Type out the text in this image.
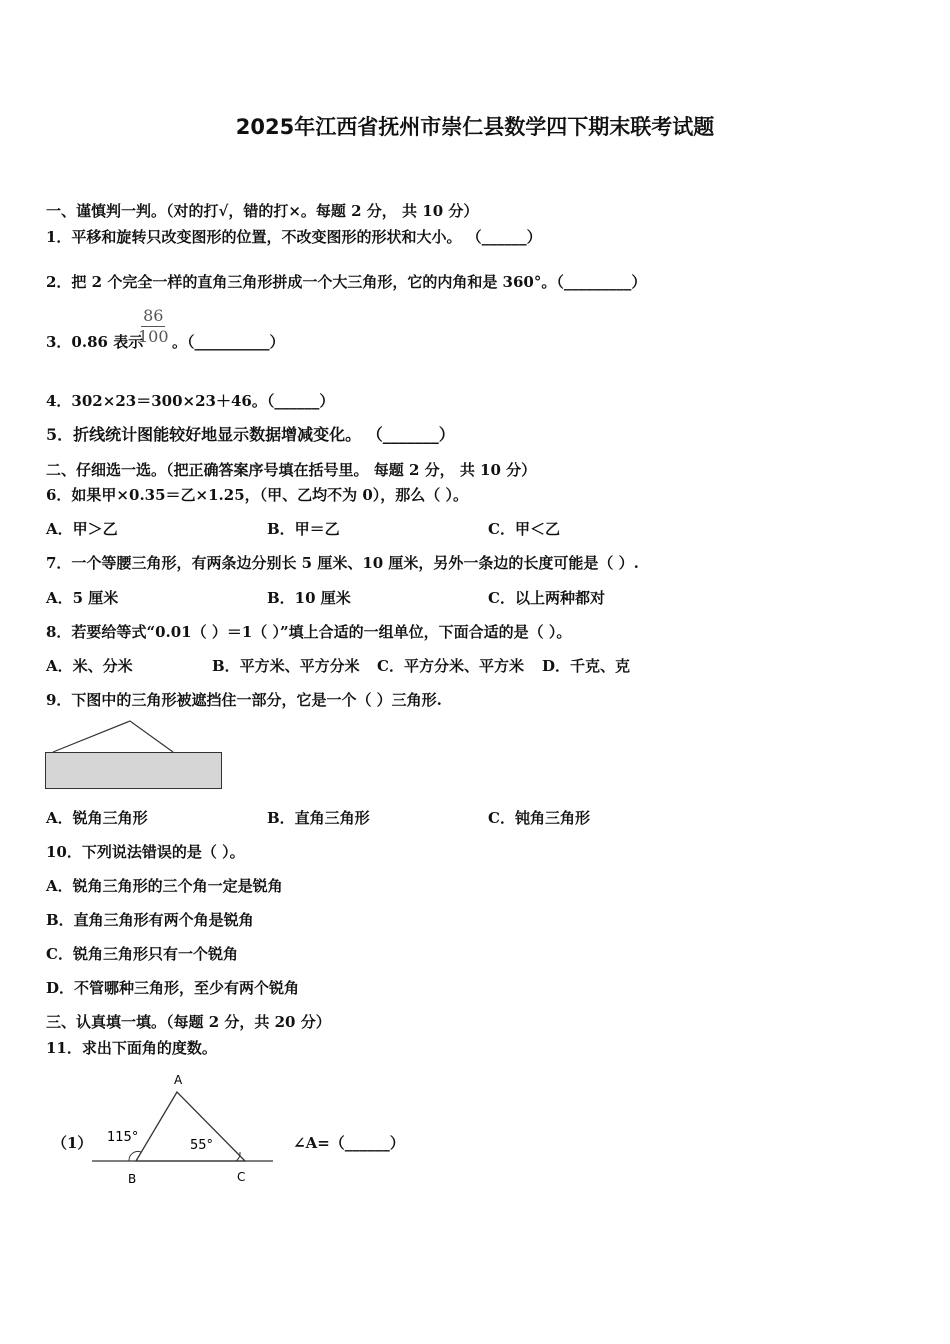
2025年江西省抚州市崇仁县数学四下期末联考试题
一、谨慎判一判。（对的打√，错的打×。每题 2 分， 共 10 分）
1．平移和旋转只改变图形的位置，不改变图形的形状和大小。 （______）
2．把 2 个完全一样的直角三角形拼成一个大三角形，它的内角和是 360°。（_________）
3．0.86 表示
$\frac{86}{100}$ 。（__________）
4．302×23＝300×23＋46。（______）
5．折线统计图能较好地显示数据增减变化。 （_______）
二、仔细选一选。（把正确答案序号填在括号里。 每题 2 分， 共 10 分）
6．如果甲×0.35＝乙×1.25，（甲、乙均不为 0），那么（ ）。
A．甲＞乙	B．甲＝乙	C．甲＜乙
7．一个等腰三角形，有两条边分别长 5 厘米、10 厘米，另外一条边的长度可能是（ ）.
A．5 厘米	B．10 厘米	C．以上两种都对
8．若要给等式“0.01（ ）＝1（ ）”填上合适的一组单位，下面合适的是（ ）。
A．米、分米	B．平方米、平方分米 C．平方分米、平方米 D．千克、克
9．下图中的三角形被遮挡住一部分，它是一个（ ）三角形.
A．锐角三角形	B．直角三角形	C．钝角三角形
10．下列说法错误的是（ ）。
A．锐角三角形的三个角一定是锐角
B．直角三角形有两个角是锐角
C．锐角三角形只有一个锐角
D．不管哪种三角形，至少有两个锐角
三、认真填一填。（每题 2 分，共 20 分）
11．求出下面角的度数。
（1）
A
B	C
115°
55°	∠A=（______）
